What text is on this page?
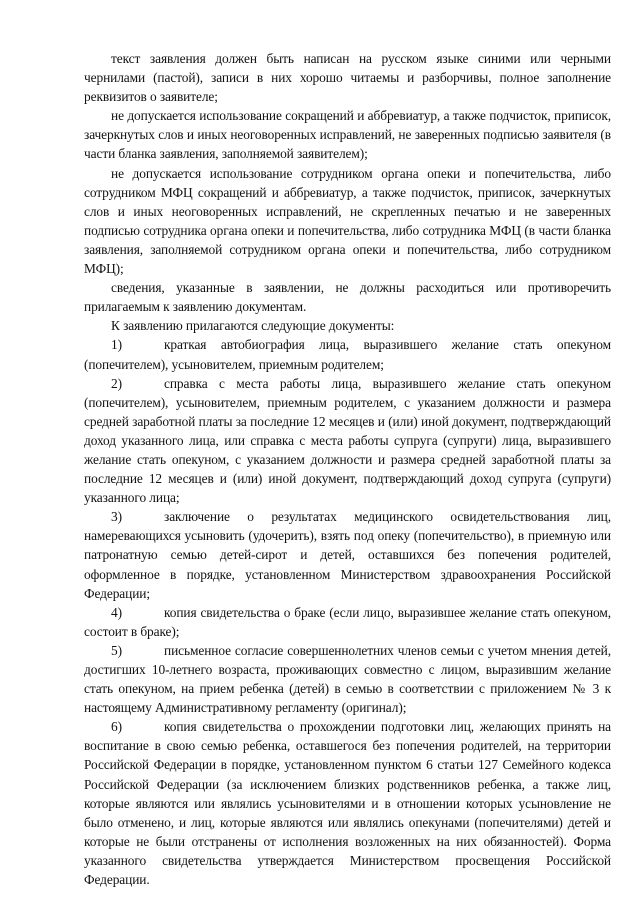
текст заявления должен быть написан на русском языке синими или черными чернилами (пастой), записи в них хорошо читаемы и разборчивы, полное заполнение реквизитов о заявителе;

не допускается использование сокращений и аббревиатур, а также подчисток, приписок, зачеркнутых слов и иных неоговоренных исправлений, не заверенных подписью заявителя (в части бланка заявления, заполняемой заявителем);

не допускается использование сотрудником органа опеки и попечительства, либо сотрудником МФЦ сокращений и аббревиатур, а также подчисток, приписок, зачеркнутых слов и иных неоговоренных исправлений, не скрепленных печатью и не заверенных подписью сотрудника органа опеки и попечительства, либо сотрудника МФЦ (в части бланка заявления, заполняемой сотрудником органа опеки и попечительства, либо сотрудником МФЦ);

сведения, указанные в заявлении, не должны расходиться или противоречить прилагаемым к заявлению документам.

К заявлению прилагаются следующие документы:

1)	краткая автобиография лица, выразившего желание стать опекуном (попечителем), усыновителем, приемным родителем;

2)	справка с места работы лица, выразившего желание стать опекуном (попечителем), усыновителем, приемным родителем, с указанием должности и размера средней заработной платы за последние 12 месяцев и (или) иной документ, подтверждающий доход указанного лица, или справка с места работы супруга (супруги) лица, выразившего желание стать опекуном, с указанием должности и размера средней заработной платы за последние 12 месяцев и (или) иной документ, подтверждающий доход супруга (супруги) указанного лица;

3)	заключение о результатах медицинского освидетельствования лиц, намеревающихся усыновить (удочерить), взять под опеку (попечительство), в приемную или патронатную семью детей-сирот и детей, оставшихся без попечения родителей, оформленное в порядке, установленном Министерством здравоохранения Российской Федерации;

4)	копия свидетельства о браке (если лицо, выразившее желание стать опекуном, состоит в браке);

5)	письменное согласие совершеннолетних членов семьи с учетом мнения детей, достигших 10-летнего возраста, проживающих совместно с лицом, выразившим желание стать опекуном, на прием ребенка (детей) в семью в соответствии с приложением № 3 к настоящему Административному регламенту (оригинал);

6)	копия свидетельства о прохождении подготовки лиц, желающих принять на воспитание в свою семью ребенка, оставшегося без попечения родителей, на территории Российской Федерации в порядке, установленном пунктом 6 статьи 127 Семейного кодекса Российской Федерации (за исключением близких родственников ребенка, а также лиц, которые являются или являлись усыновителями и в отношении которых усыновление не было отменено, и лиц, которые являются или являлись опекунами (попечителями) детей и которые не были отстранены от исполнения возложенных на них обязанностей). Форма указанного свидетельства утверждается Министерством просвещения Российской Федерации.
